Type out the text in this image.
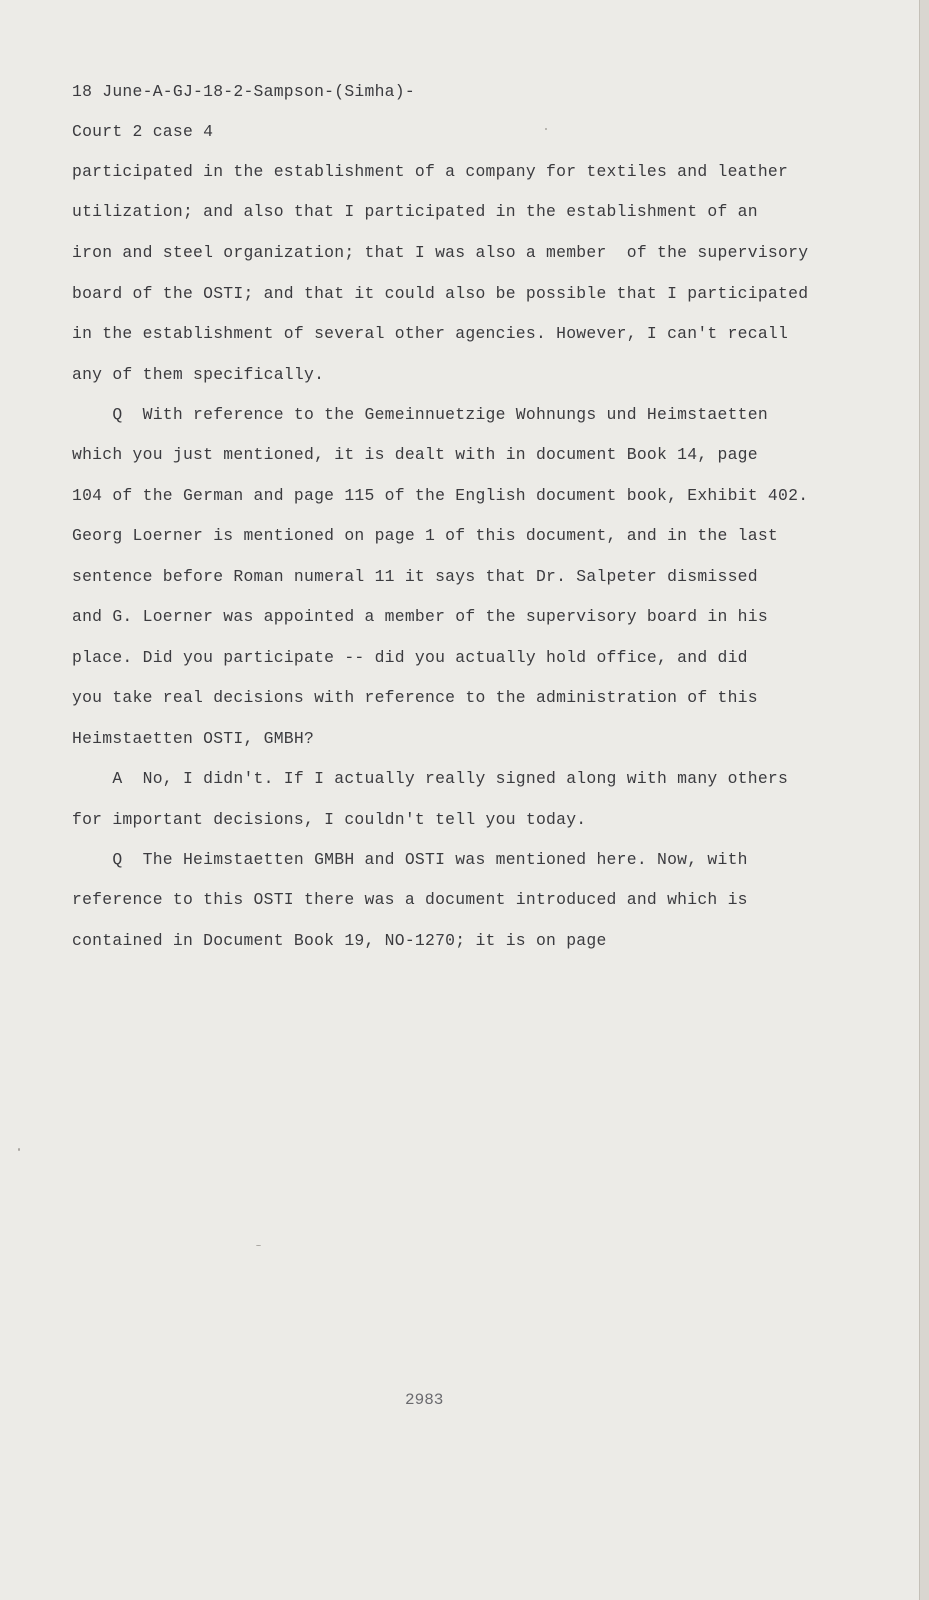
18 June-A-GJ-18-2-Sampson-(Simha)-

Court 2 case 4

participated in the establishment of a company for textiles and leather

utilization; and also that I participated in the establishment of an

iron and steel organization; that I was also a member  of the supervisory

board of the OSTI; and that it could also be possible that I participated

in the establishment of several other agencies. However, I can't recall

any of them specifically.

Q  With reference to the Gemeinnuetzige Wohnungs und Heimstaetten

which you just mentioned, it is dealt with in document Book 14, page

104 of the German and page 115 of the English document book, Exhibit 402.

Georg Loerner is mentioned on page 1 of this document, and in the last

sentence before Roman numeral 11 it says that Dr. Salpeter dismissed

and G. Loerner was appointed a member of the supervisory board in his

place. Did you participate -- did you actually hold office, and did

you take real decisions with reference to the administration of this

Heimstaetten OSTI, GMBH?

A  No, I didn't. If I actually really signed along with many others

for important decisions, I couldn't tell you today.

Q  The Heimstaetten GMBH and OSTI was mentioned here. Now, with

reference to this OSTI there was a document introduced and which is

contained in Document Book 19, NO-1270; it is on page

2983
